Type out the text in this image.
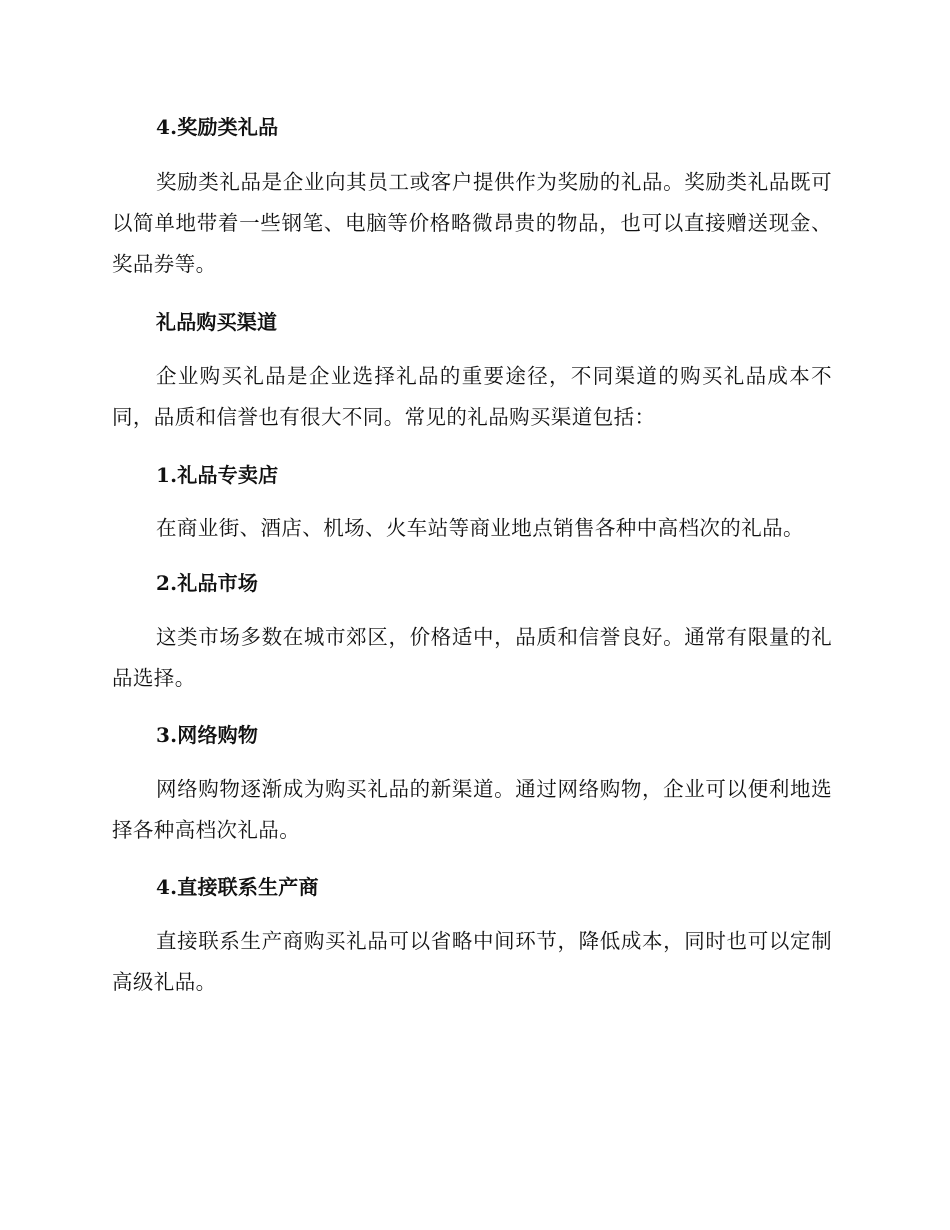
4.奖励类礼品

奖励类礼品是企业向其员工或客户提供作为奖励的礼品。奖励类礼品既可以简单地带着一些钢笔、电脑等价格略微昂贵的物品，也可以直接赠送现金、奖品券等。

礼品购买渠道

企业购买礼品是企业选择礼品的重要途径，不同渠道的购买礼品成本不同，品质和信誉也有很大不同。常见的礼品购买渠道包括：

1.礼品专卖店

在商业街、酒店、机场、火车站等商业地点销售各种中高档次的礼品。

2.礼品市场

这类市场多数在城市郊区，价格适中，品质和信誉良好。通常有限量的礼品选择。

3.网络购物

网络购物逐渐成为购买礼品的新渠道。通过网络购物，企业可以便利地选择各种高档次礼品。

4.直接联系生产商

直接联系生产商购买礼品可以省略中间环节，降低成本，同时也可以定制高级礼品。
